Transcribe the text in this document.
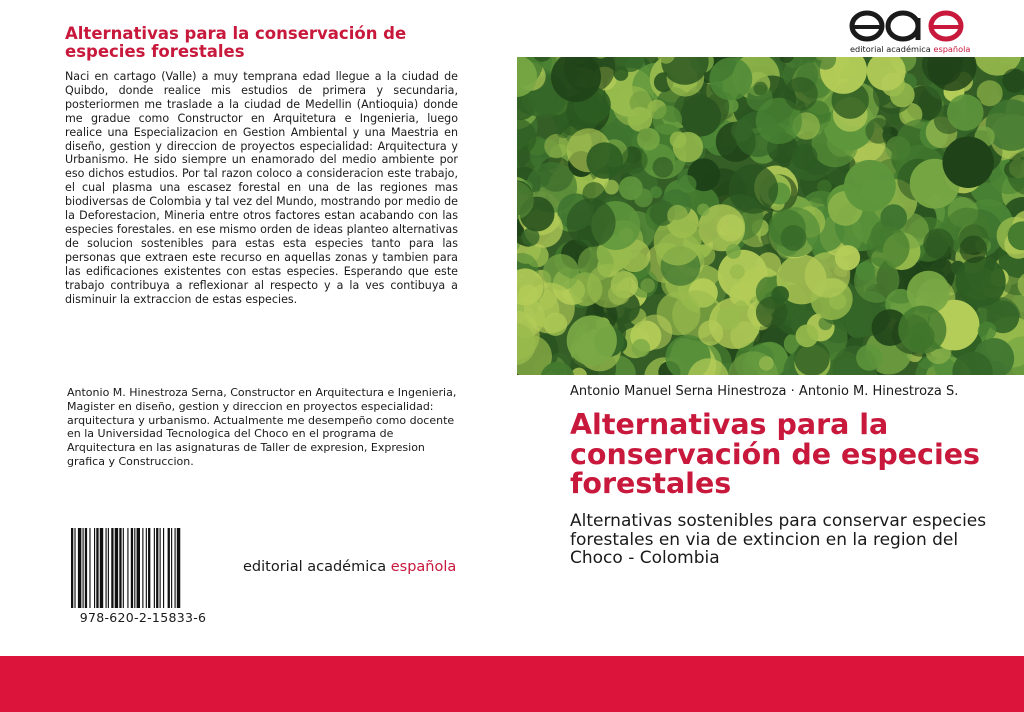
Alternativas para la conservación de especies forestales
Naci en cartago (Valle) a muy temprana edad llegue a la ciudad de Quibdo, donde realice mis estudios de primera y secundaria, posteriormen me traslade a la ciudad de Medellin (Antioquia) donde me gradue como Constructor en Arquitetura e Ingenieria, luego realice una Especializacion en Gestion Ambiental y una Maestria en diseño, gestion y direccion de proyectos especialidad: Arquitectura y Urbanismo. He sido siempre un enamorado del medio ambiente por eso dichos estudios. Por tal razon coloco a consideracion este trabajo, el cual plasma una escasez forestal en una de las regiones mas biodiversas de Colombia y tal vez del Mundo, mostrando por medio de la Deforestacion, Mineria entre otros factores estan acabando con las especies forestales. en ese mismo orden de ideas planteo alternativas de solucion sostenibles para estas esta especies tanto para las personas que extraen este recurso en aquellas zonas y tambien para las edificaciones existentes con estas especies. Esperando que este trabajo contribuya a reflexionar al respecto y a la ves contibuya a disminuir la extraccion de estas especies.
Antonio M. Hinestroza Serna, Constructor en Arquitectura e Ingenieria, Magister en diseño, gestion y direccion en proyectos especialidad: arquitectura y urbanismo. Actualmente me desempeño como docente en la Universidad Tecnologica del Choco en el programa de Arquitectura en las asignaturas de Taller de expresion, Expresion grafica y Construccion.
978-620-2-15833-6
editorial académica española
editorial académica española
Antonio Manuel Serna Hinestroza · Antonio M. Hinestroza S.
Alternativas para la conservación de especies forestales
Alternativas sostenibles para conservar especies forestales en via de extincion en la region del Choco - Colombia
